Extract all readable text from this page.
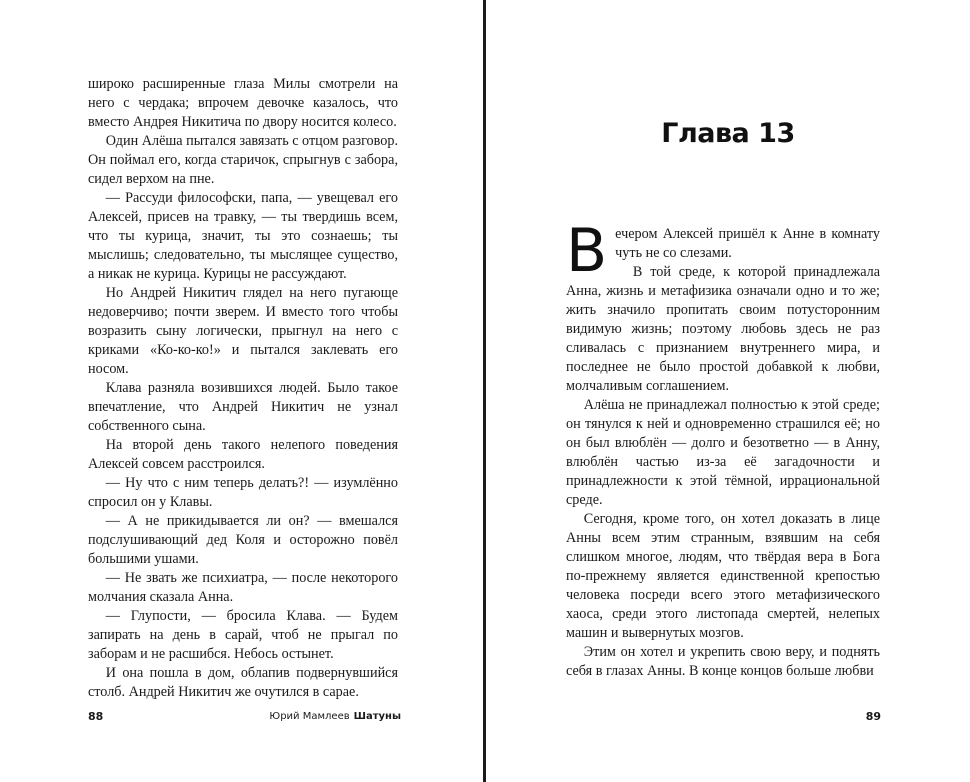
широко расширенные глаза Милы смотрели на него с чердака; впрочем девочке казалось, что вместо Андрея Никитича по двору носится колесо.

Один Алёша пытался завязать с отцом разговор. Он поймал его, когда старичок, спрыгнув с забора, сидел верхом на пне.

— Рассуди философски, папа, — увещевал его Алексей, присев на травку, — ты твердишь всем, что ты курица, значит, ты это сознаешь; ты мыслишь; следовательно, ты мыслящее существо, а никак не курица. Курицы не рассуждают.

Но Андрей Никитич глядел на него пугающе недоверчиво; почти зверем. И вместо того чтобы возразить сыну логически, прыгнул на него с криками «Ко-ко-ко!» и пытался заклевать его носом.

Клава разняла возившихся людей. Было такое впечатление, что Андрей Никитич не узнал собственного сына.

На второй день такого нелепого поведения Алексей совсем расстроился.

— Ну что с ним теперь делать?! — изумлённо спросил он у Клавы.

— А не прикидывается ли он? — вмешался подслушивающий дед Коля и осторожно повёл большими ушами.

— Не звать же психиатра, — после некоторого молчания сказала Анна.

— Глупости, — бросила Клава. — Будем запирать на день в сарай, чтоб не прыгал по заборам и не расшибся. Небось остынет.

И она пошла в дом, облапив подвернувшийся столб. Андрей Никитич же очутился в сарае.

88	Юрий Мамлеев Шатуны
Глава 13

Вечером Алексей пришёл к Анне в комнату чуть не со слезами.

В той среде, к которой принадлежала Анна, жизнь и метафизика означали одно и то же; жить значило пропитать своим потусторонним видимую жизнь; поэтому любовь здесь не раз сливалась с признанием внутреннего мира, и последнее не было простой добавкой к любви, молчаливым соглашением.

Алёша не принадлежал полностью к этой среде; он тянулся к ней и одновременно страшился её; но он был влюблён — долго и безответно — в Анну, влюблён частью из-за её загадочности и принадлежности к этой тёмной, иррациональной среде.

Сегодня, кроме того, он хотел доказать в лице Анны всем этим странным, взявшим на себя слишком многое, людям, что твёрдая вера в Бога по-прежнему является единственной крепостью человека посреди всего этого метафизического хаоса, среди этого листопада смертей, нелепых машин и вывернутых мозгов.

Этим он хотел и укрепить свою веру, и поднять себя в глазах Анны. В конце концов больше любви

89
